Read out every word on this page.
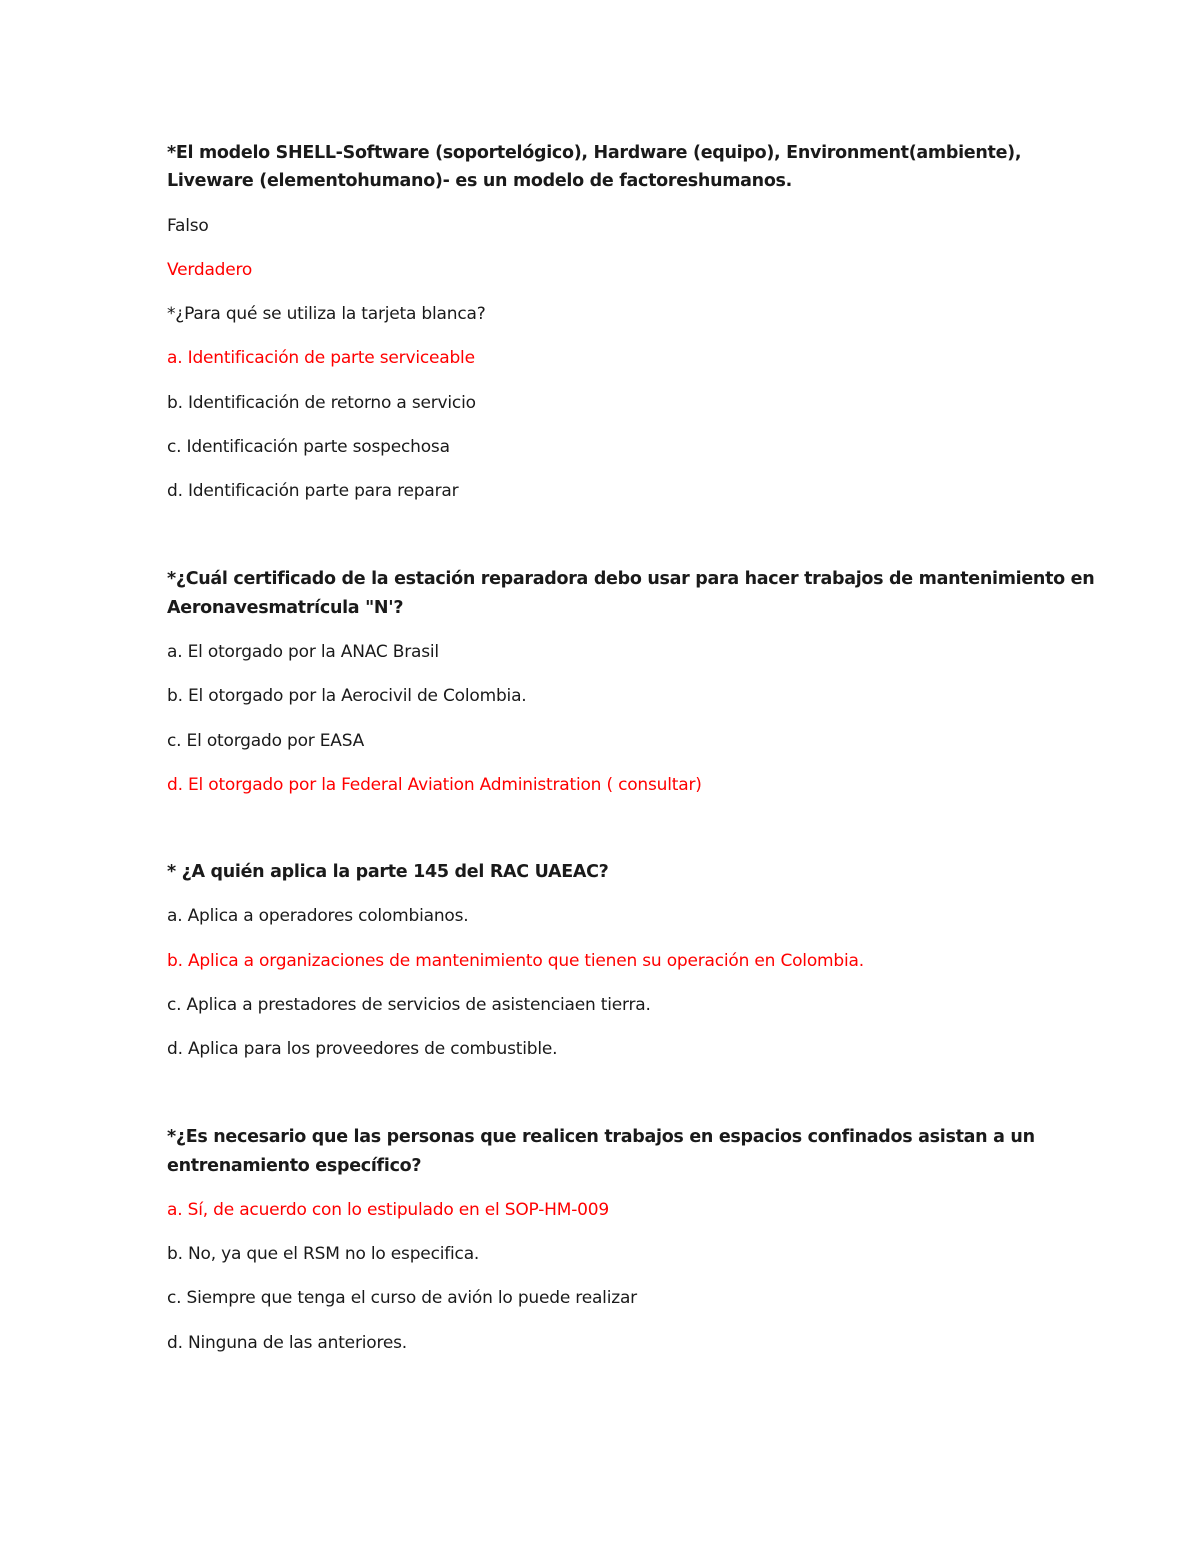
*El modelo SHELL-Software (soportelógico), Hardware (equipo), Environment(ambiente),
Liveware (elementohumano)- es un modelo de factoreshumanos.
Falso
Verdadero
*¿Para qué se utiliza la tarjeta blanca?
a. Identificación de parte serviceable
b. Identificación de retorno a servicio
c. Identificación parte sospechosa
d. Identificación parte para reparar
*¿Cuál certificado de la estación reparadora debo usar para hacer trabajos de mantenimiento en
Aeronavesmatrícula "N'?
a. El otorgado por la ANAC Brasil
b. El otorgado por la Aerocivil de Colombia.
c. El otorgado por EASA
d. El otorgado por la Federal Aviation Administration ( consultar)
* ¿A quién aplica la parte 145 del RAC UAEAC?
a. Aplica a operadores colombianos.
b. Aplica a organizaciones de mantenimiento que tienen su operación en Colombia.
c. Aplica a prestadores de servicios de asistenciaen tierra.
d. Aplica para los proveedores de combustible.
*¿Es necesario que las personas que realicen trabajos en espacios confinados asistan a un
entrenamiento específico?
a. Sí, de acuerdo con lo estipulado en el SOP-HM-009
b. No, ya que el RSM no lo especifica.
c. Siempre que tenga el curso de avión lo puede realizar
d. Ninguna de las anteriores.
